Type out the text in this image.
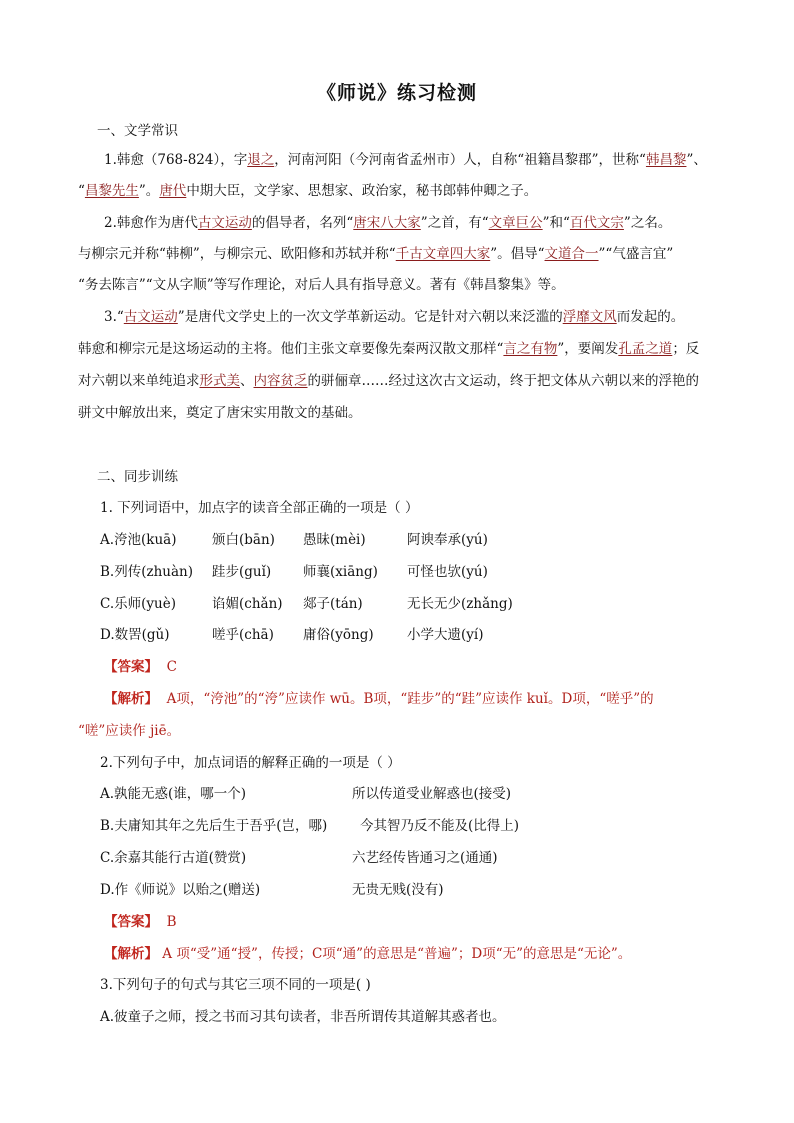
《师说》练习检测
一、文学常识
1.韩愈（768-824），字退之，河南河阳（今河南省孟州市）人，自称“祖籍昌黎郡”，世称“韩昌黎”、
“昌黎先生”。唐代中期大臣，文学家、思想家、政治家，秘书郎韩仲卿之子。
2.韩愈作为唐代古文运动的倡导者，名列“唐宋八大家”之首，有“文章巨公”和“百代文宗”之名。
与柳宗元并称“韩柳”，与柳宗元、欧阳修和苏轼并称“千古文章四大家”。倡导“文道合一”“气盛言宜”
“务去陈言”“文从字顺”等写作理论，对后人具有指导意义。著有《韩昌黎集》等。
3.“古文运动”是唐代文学史上的一次文学革新运动。它是针对六朝以来泛滥的浮靡文风而发起的。
韩愈和柳宗元是这场运动的主将。他们主张文章要像先秦两汉散文那样“言之有物”，要阐发孔孟之道；反
对六朝以来单纯追求形式美、内容贫乏的骈俪章……经过这次古文运动，终于把文体从六朝以来的浮艳的
骈文中解放出来，奠定了唐宋实用散文的基础。
二、同步训练
1. 下列词语中，加点字的读音全部正确的一项是（ ）
A.洿池(kuā)	颁白(bān) 愚昧(mèi)	阿谀奉承(yú)
B.列传(zhuàn) 跬步(guǐ) 师襄(xiāng) 可怪也欤(yú)
C.乐师(yuè)	谄媚(chǎn) 郯子(tán)	无长无少(zhǎng)
D.数罟(gǔ)	嗟乎(chā) 庸俗(yōng) 小学大遗(yí)
【答案】 C
【解析】 A项，“洿池”的“洿”应读作 wū。B项，“跬步”的“跬”应读作 kuǐ。D项，“嗟乎”的
“嗟”应读作 jiē。
2.下列句子中，加点词语的解释正确的一项是（ ）
A.孰能无惑(谁，哪一个)	所以传道受业解惑也(接受)
B.夫庸知其年之先后生于吾乎(岂，哪) 今其智乃反不能及(比得上)
C.余嘉其能行古道(赞赏)	六艺经传皆通习之(通通)
D.作《师说》以贻之(赠送)	无贵无贱(没有)
【答案】 B
【解析】 A 项“受”通“授”，传授；C项“通”的意思是“普遍”；D项“无”的意思是“无论”。
3.下列句子的句式与其它三项不同的一项是( )
A.彼童子之师，授之书而习其句读者，非吾所谓传其道解其惑者也。
